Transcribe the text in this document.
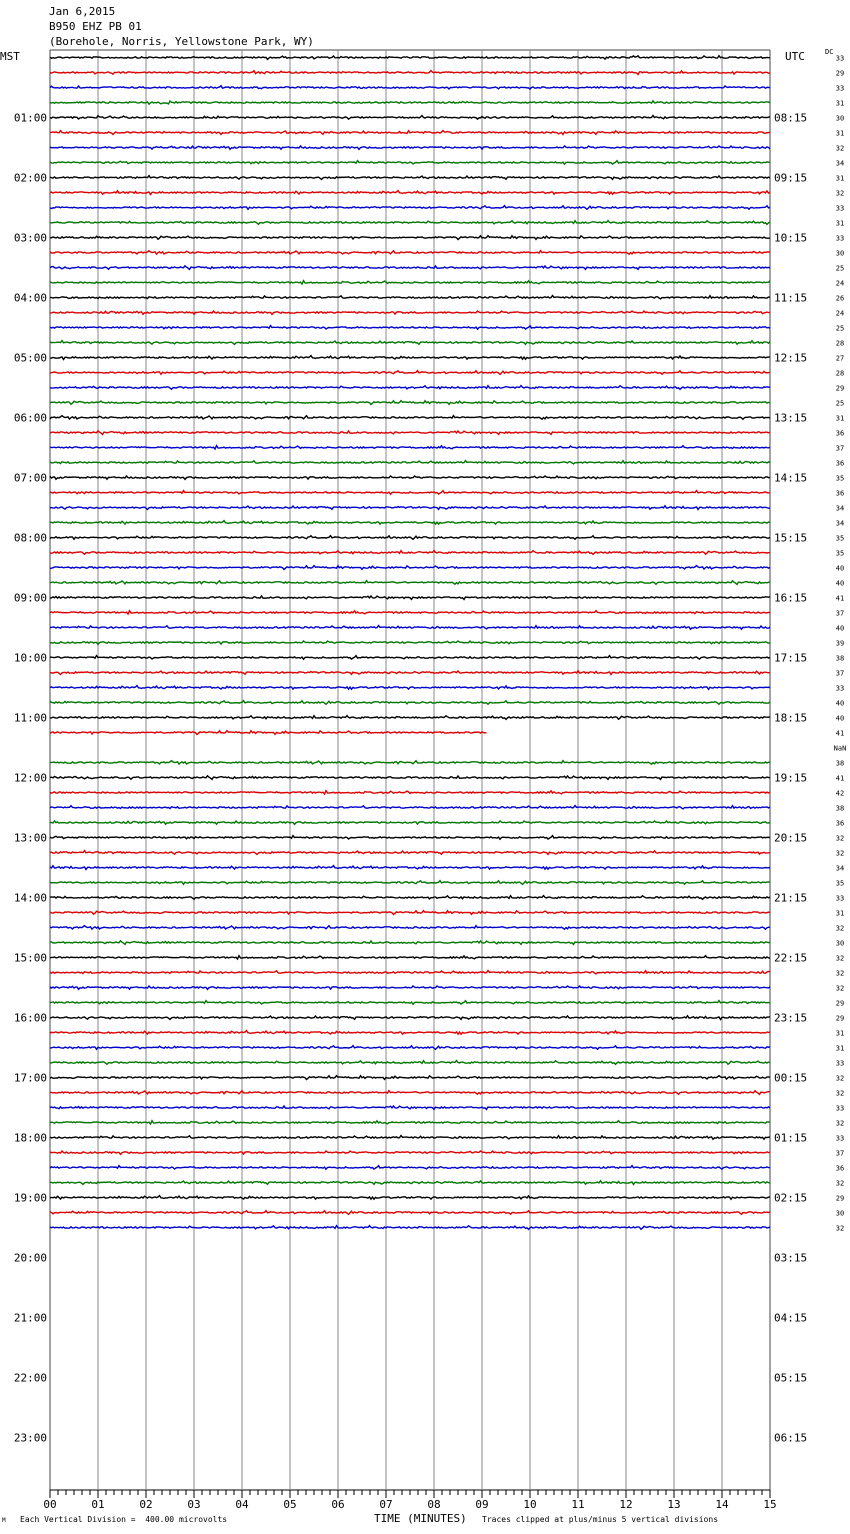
Jan 6,2015
B950 EHZ PB 01
(Borehole, Norris, Yellowstone Park, WY)
MST	UTC	DC
00	01	02	03	04	05	06	07	08	09	10	11	12	13	14	15
01:00
02:00
03:00
04:00
05:00
06:00
07:00
08:00
09:00
10:00
11:00
12:00
13:00
14:00
15:00
16:00
17:00
18:00
19:00
20:00
21:00
22:00
23:00
08:15
09:15
10:15
11:15
12:15
13:15
14:15
15:15
16:15
17:15
18:15
19:15
20:15
21:15
22:15
23:15
00:15
01:15
02:15
03:15
04:15
05:15
06:15
33
29
33
31
30
31
32
34
31
32
33
31
33
30
25
24
26
24
25
28
27
28
29
25
31
36
37
36
35
36
34
34
35
35
40
40
41
37
40
39
38
37
33
40
40
41
NaN
38
41
42
38
36
32
32
34
35
33
31
32
30
32
32
32
29
29
31
31
33
32
32
33
32
33
37
36
32
29
30
32
M Each Vertical Division =  400.00 microvolts	TIME (MINUTES) Traces clipped at plus/minus 5 vertical divisions
